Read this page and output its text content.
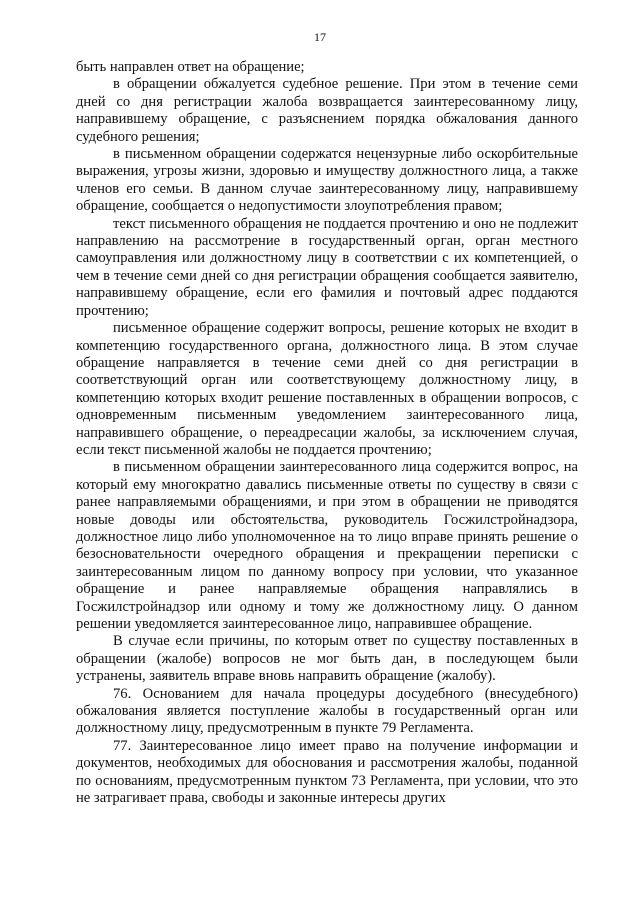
17

быть направлен ответ на обращение;

в обращении обжалуется судебное решение. При этом в течение семи дней со дня регистрации жалоба возвращается заинтересованному лицу, направившему обращение, с разъяснением порядка обжалования данного судебного решения;

в письменном обращении содержатся нецензурные либо оскорбительные выражения, угрозы жизни, здоровью и имуществу должностного лица, а также членов его семьи. В данном случае заинтересованному лицу, направившему обращение, сообщается о недопустимости злоупотребления правом;

текст письменного обращения не поддается прочтению и оно не подлежит направлению на рассмотрение в государственный орган, орган местного самоуправления или должностному лицу в соответствии с их компетенцией, о чем в течение семи дней со дня регистрации обращения сообщается заявителю, направившему обращение, если его фамилия и почтовый адрес поддаются прочтению;

письменное обращение содержит вопросы, решение которых не входит в компетенцию государственного органа, должностного лица. В этом случае обращение направляется в течение семи дней со дня регистрации в соответствующий орган или соответствующему должностному лицу, в компетенцию которых входит решение поставленных в обращении вопросов, с одновременным письменным уведомлением заинтересованного лица, направившего обращение, о переадресации жалобы, за исключением случая, если текст письменной жалобы не поддается прочтению;

в письменном обращении заинтересованного лица содержится вопрос, на который ему многократно давались письменные ответы по существу в связи с ранее направляемыми обращениями, и при этом в обращении не приводятся новые доводы или обстоятельства, руководитель Госжилстройнадзора, должностное лицо либо уполномоченное на то лицо вправе принять решение о безосновательности очередного обращения и прекращении переписки с заинтересованным лицом по данному вопросу при условии, что указанное обращение и ранее направляемые обращения направлялись в Госжилстройнадзор или одному и тому же должностному лицу. О данном решении уведомляется заинтересованное лицо, направившее обращение.

В случае если причины, по которым ответ по существу поставленных в обращении (жалобе) вопросов не мог быть дан, в последующем были устранены, заявитель вправе вновь направить обращение (жалобу).

76. Основанием для начала процедуры досудебного (внесудебного) обжалования является поступление жалобы в государственный орган или должностному лицу, предусмотренным в пункте 79 Регламента.

77. Заинтересованное лицо имеет право на получение информации и документов, необходимых для обоснования и рассмотрения жалобы, поданной по основаниям, предусмотренным пунктом 73 Регламента, при условии, что это не затрагивает права, свободы и законные интересы других
